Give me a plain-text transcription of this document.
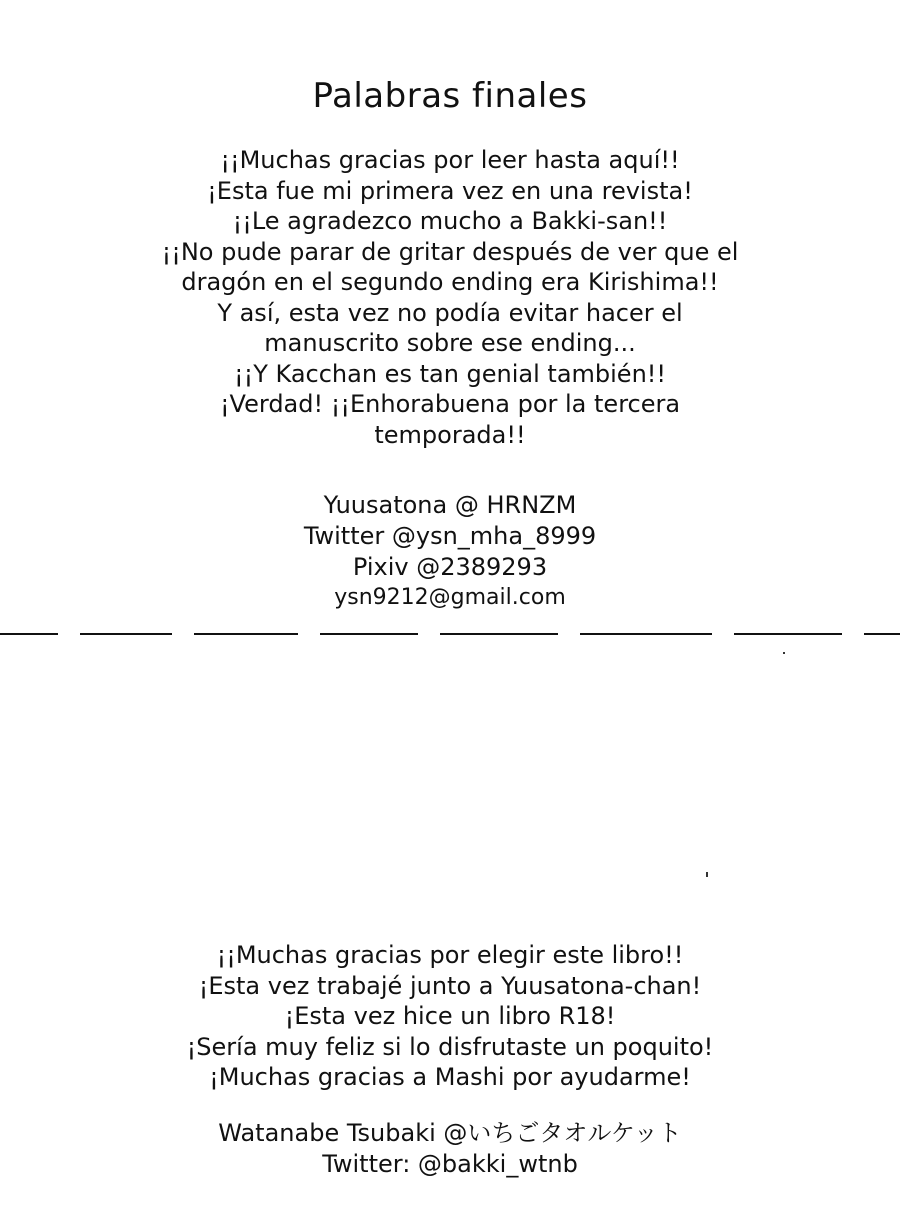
Palabras finales
¡¡Muchas gracias por leer hasta aquí!!
¡Esta fue mi primera vez en una revista!
¡¡Le agradezco mucho a Bakki-san!!
¡¡No pude parar de gritar después de ver que el
dragón en el segundo ending era Kirishima!!
Y así, esta vez no podía evitar hacer el
manuscrito sobre ese ending...
¡¡Y Kacchan es tan genial también!!
¡Verdad! ¡¡Enhorabuena por la tercera
temporada!!
Yuusatona @ HRNZM
Twitter @ysn_mha_8999
Pixiv @2389293
ysn9212@gmail.com
¡¡Muchas gracias por elegir este libro!!
¡Esta vez trabajé junto a Yuusatona-chan!
¡Esta vez hice un libro R18!
¡Sería muy feliz si lo disfrutaste un poquito!
¡Muchas gracias a Mashi por ayudarme!
Watanabe Tsubaki @いちごタオルケット
Twitter: @bakki_wtnb
